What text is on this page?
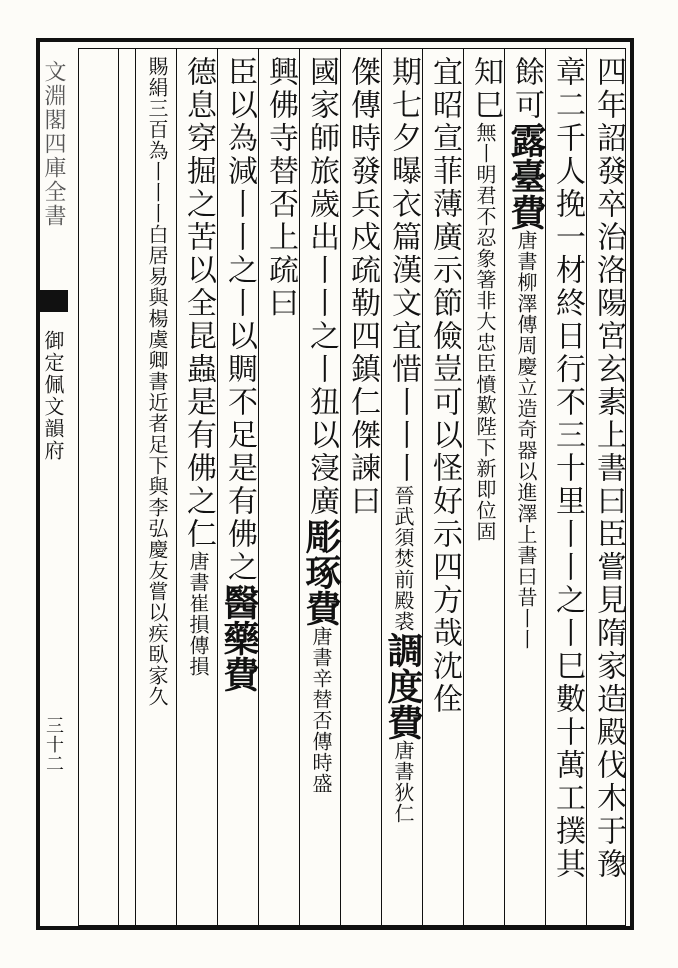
文淵閣四庫全書
御定佩文韻府
三十二	四年詔發卒治洛陽宮玄素上書曰臣嘗見隋家造殿伐木于豫
章二千人挽一材終日行不三十里丨丨之丨巳數十萬工撲其
餘可露臺費唐書柳澤傳周慶立造奇器以進澤上書曰昔丨丨
知巳無丨明君不忍象箸非大忠臣憤歎陛下新即位固
宜昭宣菲薄廣示節儉豈可以怪好示四方哉沈佺
期七夕曝衣篇漢文宜惜丨丨丨晉武須焚前殿裘調度費唐書狄仁
傑傳時發兵戍疏勒四鎮仁傑諫曰
國家師旅歲出丨丨之丨狃以寖廣彫琢費唐書辛替否傳時盛
興佛寺替否上疏曰
臣以為減丨丨之丨以賙不足是有佛之醫藥費
德息穿掘之苦以全昆蟲是有佛之仁唐書崔損傳損
賜絹三百為丨丨丨白居易與楊虞卿書近者足下與李弘慶友嘗以疾臥家久
